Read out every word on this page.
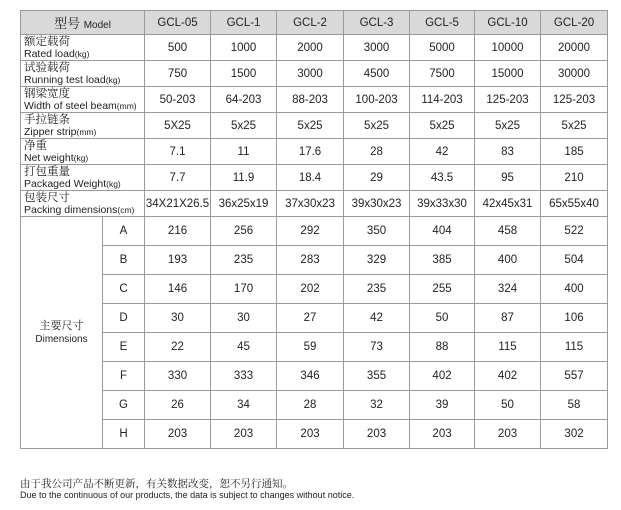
型号 Model		GCL-05	GCL-1	GCL-2	GCL-3	GCL-5	GCL-10	GCL-20

额定载荷
Rated load(kg)		500	1000	2000	3000	5000	10000	20000

试验载荷
Running test load(kg)		750	1500	3000	4500	7500	15000	30000

钢梁宽度
Width of steel beam(mm)		50-203	64-203	88-203	100-203	114-203	125-203	125-203

手拉链条
Zipper strip(mm)		5X25	5x25	5x25	5x25	5x25	5x25	5x25

净重
Net weight(kg)		7.1	11	17.6	28	42	83	185

打包重量
Packaged Weight(kg)		7.7	11.9	18.4	29	43.5	95	210

包装尺寸
Packing dimensions(cm)		34X21X26.5	36x25x19	37x30x23	39x30x23	39x33x30	42x45x31	65x55x40

主要尺寸
Dimensions	A	216	256	292	350	404	458	522
	B	193	235	283	329	385	400	504
	C	146	170	202	235	255	324	400
	D	30	30	27	42	50	87	106
	E	22	45	59	73	88	115	115
	F	330	333	346	355	402	402	557
	G	26	34	28	32	39	50	58
	H	203	203	203	203	203	203	302
由于我公司产品不断更新，有关数据改变，恕不另行通知。
Due to the continuous of our products, the data is subject to changes without notice.
